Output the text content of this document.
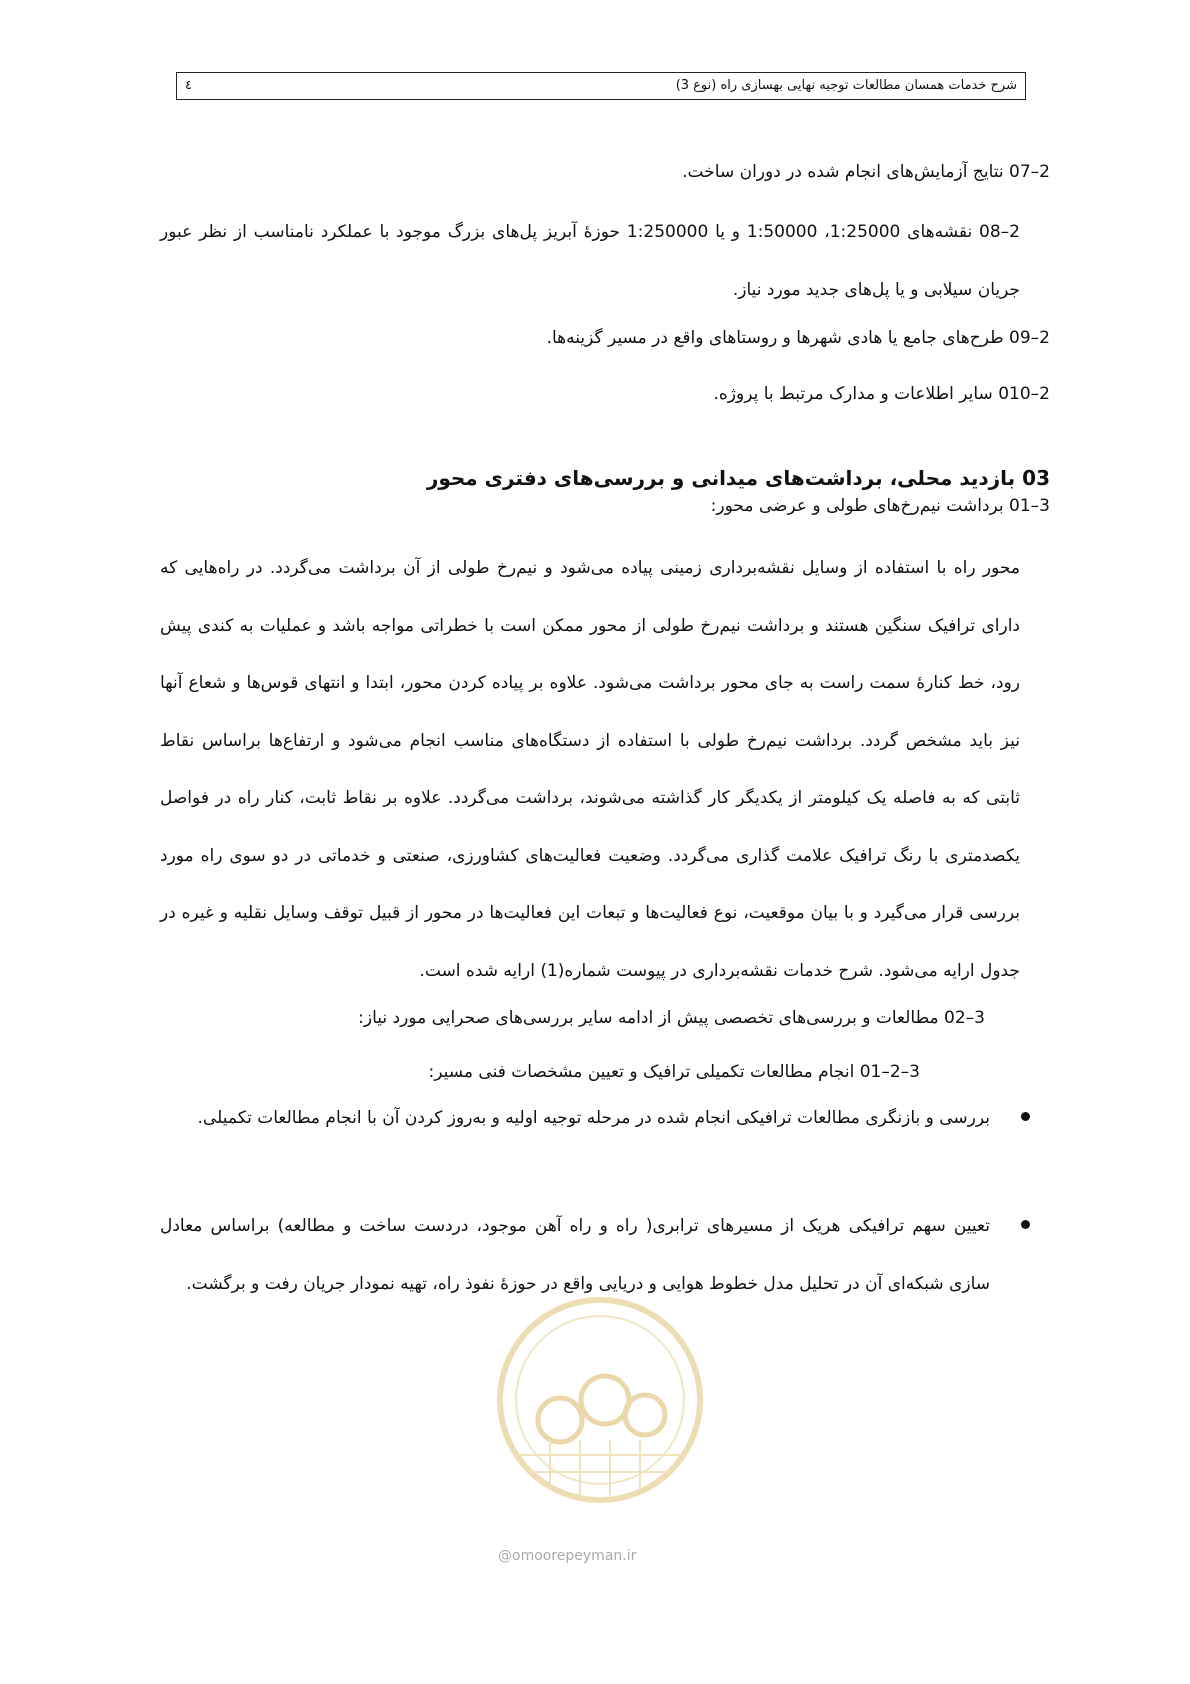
شرح خدمات همسان مطالعات توجیه نهایی بهسازی راه (نوع 3)
٤
2–07 نتایج آزمایش‌های انجام شده در دوران ساخت.
2–08 نقشه‌های 1:25000، 1:50000 و یا 1:250000 حوزهٔ آبریز پل‌های بزرگ موجود با عملکرد نامناسب از نظر عبور جریان سیلابی و یا پل‌های جدید مورد نیاز.
2–09 طرح‌های جامع یا هادی شهرها و روستاهای واقع در مسیر گزینه‌ها.
2–010 سایر اطلاعات و مدارک مرتبط با پروژه.
03 بازدید محلی، برداشت‌های میدانی و بررسی‌های دفتری محور
3–01 برداشت نیم‌رخ‌های طولی و عرضی محور:
محور راه با استفاده از وسایل نقشه‌برداری زمینی پیاده می‌شود و نیم‌رخ طولی از آن برداشت می‌گردد. در راه‌هایی که دارای ترافیک سنگین هستند و برداشت نیم‌رخ طولی از محور ممکن است با خطراتی مواجه باشد و عملیات به کندی پیش رود، خط کنارهٔ سمت راست به جای محور برداشت می‌شود. علاوه بر پیاده کردن محور، ابتدا و انتهای قوس‌ها و شعاع آنها نیز باید مشخص گردد. برداشت نیم‌رخ طولی با استفاده از دستگاه‌های مناسب انجام می‌شود و ارتفاع‌ها براساس نقاط ثابتی که به فاصله یک کیلومتر از یکدیگر کار گذاشته می‌شوند، برداشت می‌گردد. علاوه بر نقاط ثابت، کنار راه در فواصل یکصدمتری با رنگ ترافیک علامت گذاری می‌گردد. وضعیت فعالیت‌های کشاورزی، صنعتی و خدماتی در دو سوی راه مورد بررسی قرار می‌گیرد و با بیان موقعیت، نوع فعالیت‌ها و تبعات این فعالیت‌ها در محور از قبیل توقف وسایل نقلیه و غیره در جدول ارایه می‌شود. شرح خدمات نقشه‌برداری در پیوست شماره(1) ارایه شده است.
3–02 مطالعات و بررسی‌های تخصصی پیش از ادامه سایر بررسی‌های صحرایی مورد نیاز:
3–2–01 انجام مطالعات تکمیلی ترافیک و تعیین مشخصات فنی مسیر:
بررسی و بازنگری مطالعات ترافیکی انجام شده در مرحله توجیه اولیه و به‌روز کردن آن با انجام مطالعات تکمیلی.
تعیین سهم ترافیکی هریک از مسیرهای ترابری( راه و راه آهن موجود، دردست ساخت و مطالعه) براساس معادل سازی شبکه‌ای آن در تحلیل مدل خطوط هوایی و دریایی واقع در حوزهٔ نفوذ راه، تهیه نمودار جریان رفت و برگشت.
@omoorepeyman.ir
